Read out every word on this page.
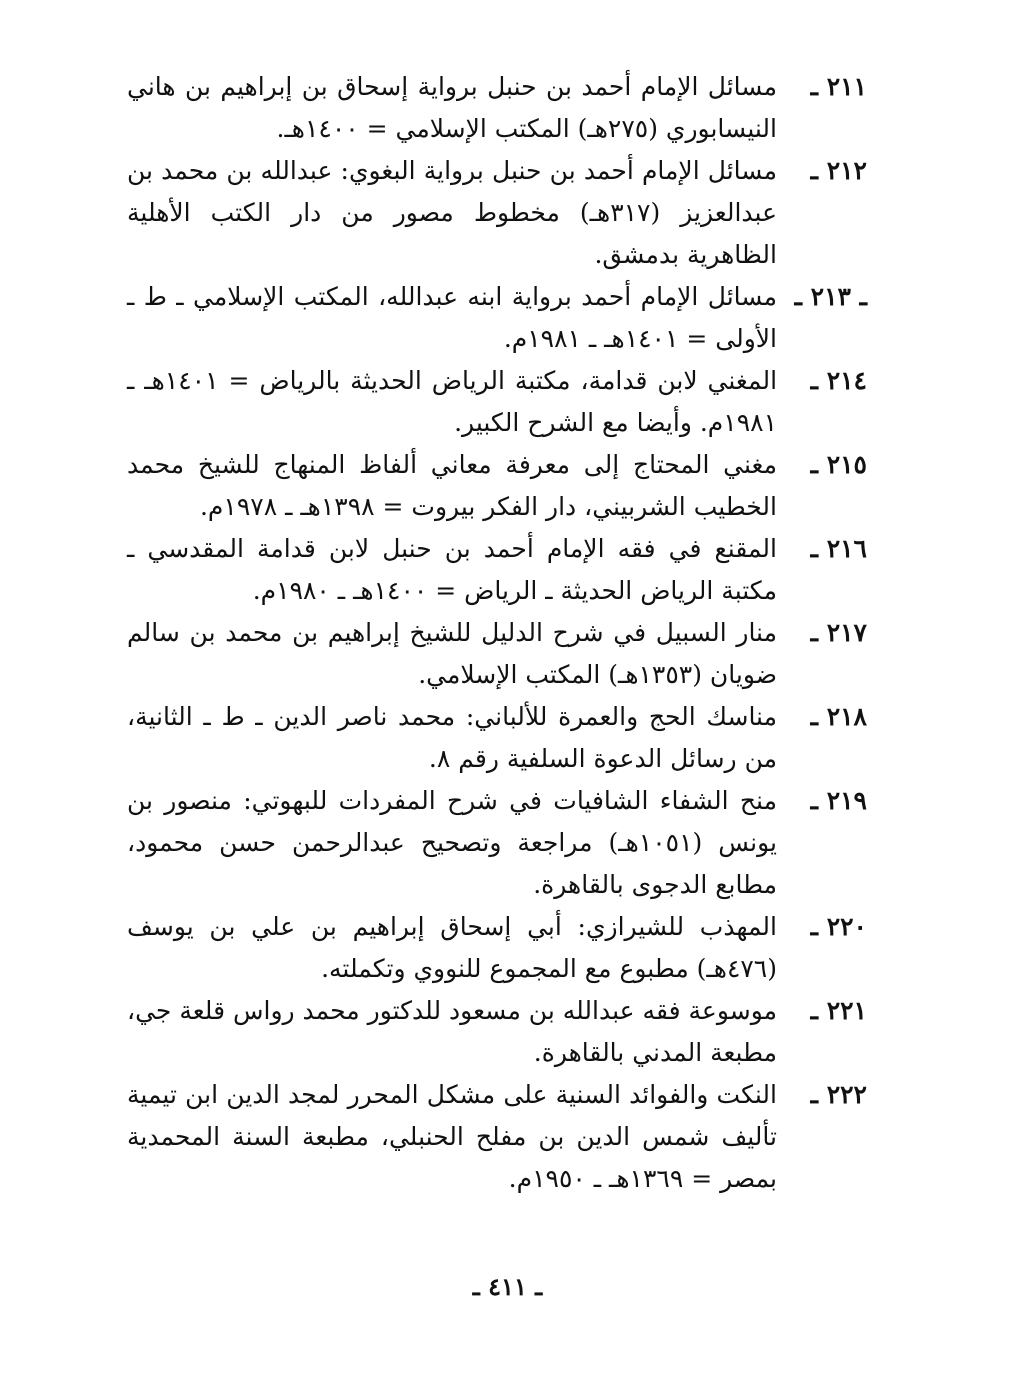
٢١١ ـ
مسائل الإمام أحمد بن حنبل برواية إسحاق بن إبراهيم بن هاني النيسابوري (٢٧٥هـ) المكتب الإسلامي = ١٤٠٠هـ.
٢١٢ ـ
مسائل الإمام أحمد بن حنبل برواية البغوي: عبدالله بن محمد بن عبدالعزيز (٣١٧هـ) مخطوط مصور من دار الكتب الأهلية الظاهرية بدمشق.
ـ ٢١٣ ـ
مسائل الإمام أحمد برواية ابنه عبدالله، المكتب الإسلامي ـ ط ـ الأولى = ١٤٠١هـ ـ ١٩٨١م.
٢١٤ ـ
المغني لابن قدامة، مكتبة الرياض الحديثة بالرياض = ١٤٠١هـ ـ ١٩٨١م. وأيضا مع الشرح الكبير.
٢١٥ ـ
مغني المحتاج إلى معرفة معاني ألفاظ المنهاج للشيخ محمد الخطيب الشربيني، دار الفكر بيروت = ١٣٩٨هـ ـ ١٩٧٨م.
٢١٦ ـ
المقنع في فقه الإمام أحمد بن حنبل لابن قدامة المقدسي ـ مكتبة الرياض الحديثة ـ الرياض = ١٤٠٠هـ ـ ١٩٨٠م.
٢١٧ ـ
منار السبيل في شرح الدليل للشيخ إبراهيم بن محمد بن سالم ضويان (١٣٥٣هـ) المكتب الإسلامي.
٢١٨ ـ
مناسك الحج والعمرة للألباني: محمد ناصر الدين ـ ط ـ الثانية، من رسائل الدعوة السلفية رقم ٨.
٢١٩ ـ
منح الشفاء الشافيات في شرح المفردات للبهوتي: منصور بن يونس (١٠٥١هـ) مراجعة وتصحيح عبدالرحمن حسن محمود، مطابع الدجوى بالقاهرة.
٢٢٠ ـ
المهذب للشيرازي: أبي إسحاق إبراهيم بن علي بن يوسف (٤٧٦هـ) مطبوع مع المجموع للنووي وتكملته.
٢٢١ ـ
موسوعة فقه عبدالله بن مسعود للدكتور محمد رواس قلعة جي، مطبعة المدني بالقاهرة.
٢٢٢ ـ
النكت والفوائد السنية على مشكل المحرر لمجد الدين ابن تيمية تأليف شمس الدين بن مفلح الحنبلي، مطبعة السنة المحمدية بمصر = ١٣٦٩هـ ـ ١٩٥٠م.
ـ ٤١١ ـ
